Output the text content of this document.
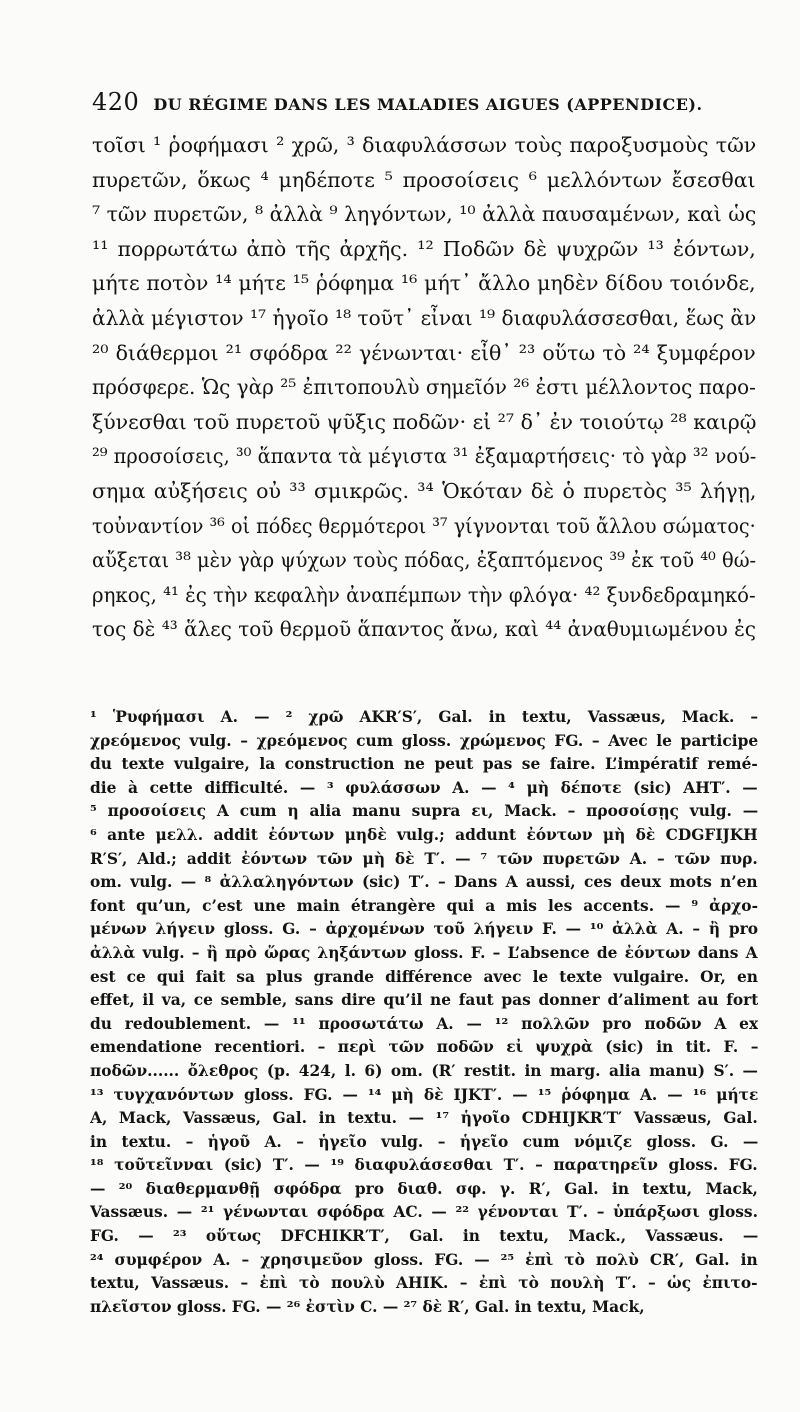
420 DU RÉGIME DANS LES MALADIES AIGUES (APPENDICE).
τοῖσι ¹ ῥοφήμασι ² χρῶ, ³ διαφυλάσσων τοὺς παροξυσμοὺς τῶν
πυρετῶν, ὅκως ⁴ μηδέποτε ⁵ προσοίσεις ⁶ μελλόντων ἔσεσθαι
⁷ τῶν πυρετῶν, ⁸ ἀλλὰ ⁹ ληγόντων, ¹⁰ ἀλλὰ παυσαμένων, καὶ ὡς
¹¹ πορρωτάτω ἀπὸ τῆς ἀρχῆς. ¹² Ποδῶν δὲ ψυχρῶν ¹³ ἐόντων,
μήτε ποτὸν ¹⁴ μήτε ¹⁵ ῥόφημα ¹⁶ μήτ᾽ ἄλλο μηδὲν δίδου τοιόνδε,
ἀλλὰ μέγιστον ¹⁷ ἡγοῖο ¹⁸ τοῦτ᾽ εἶναι ¹⁹ διαφυλάσσεσθαι, ἕως ἂν
²⁰ διάθερμοι ²¹ σφόδρα ²² γένωνται· εἶθ᾽ ²³ οὕτω τὸ ²⁴ ξυμφέρον
πρόσφερε. Ὡς γὰρ ²⁵ ἐπιτοπουλὺ σημεῖόν ²⁶ ἐστι μέλλοντος παρο-
ξύνεσθαι τοῦ πυρετοῦ ψῦξις ποδῶν· εἰ ²⁷ δ᾽ ἐν τοιούτῳ ²⁸ καιρῷ
²⁹ προσοίσεις, ³⁰ ἅπαντα τὰ μέγιστα ³¹ ἐξαμαρτήσεις· τὸ γὰρ ³² νού-
σημα αὐξήσεις οὐ ³³ σμικρῶς. ³⁴ Ὁκόταν δὲ ὁ πυρετὸς ³⁵ λήγῃ,
τοὐναντίον ³⁶ οἱ πόδες θερμότεροι ³⁷ γίγνονται τοῦ ἄλλου σώματος·
αὔξεται ³⁸ μὲν γὰρ ψύχων τοὺς πόδας, ἐξαπτόμενος ³⁹ ἐκ τοῦ ⁴⁰ θώ-
ρηκος, ⁴¹ ἐς τὴν κεφαλὴν ἀναπέμπων τὴν φλόγα· ⁴² ξυνδεδραμηκό-
τος δὲ ⁴³ ἅλες τοῦ θερμοῦ ἅπαντος ἄνω, καὶ ⁴⁴ ἀναθυμιωμένου ἐς
¹ Ῥυφήμασι A. — ² χρῶ AKR′S′, Gal. in textu, Vassæus, Mack. –
χρεόμενος vulg. – χρεόμενος cum gloss. χρώμενος FG. – Avec le participe
du texte vulgaire, la construction ne peut pas se faire. L’impératif remé-
die à cette difficulté. — ³ φυλάσσων A. — ⁴ μὴ δέποτε (sic) AHT′. —
⁵ προσοίσεις A cum η alia manu supra ει, Mack. – προσοίσῃς vulg. —
⁶ ante μελλ. addit ἐόντων μηδὲ vulg.; addunt ἐόντων μὴ δὲ CDGFIJKH
R′S′, Ald.; addit ἐόντων τῶν μὴ δὲ T′. — ⁷ τῶν πυρετῶν A. – τῶν πυρ.
om. vulg. — ⁸ ἀλλαληγόντων (sic) T′. – Dans A aussi, ces deux mots n’en
font qu’un, c’est une main étrangère qui a mis les accents. — ⁹ ἀρχο-
μένων λήγειν gloss. G. – ἀρχομένων τοῦ λήγειν F. — ¹⁰ ἀλλὰ A. – ἢ pro
ἀλλὰ vulg. – ἢ πρὸ ὥρας ληξάντων gloss. F. – L’absence de ἐόντων dans A
est ce qui fait sa plus grande différence avec le texte vulgaire. Or, en
effet, il va, ce semble, sans dire qu’il ne faut pas donner d’aliment au fort
du redoublement. — ¹¹ προσωτάτω A. — ¹² πολλῶν pro ποδῶν A ex
emendatione recentiori. – περὶ τῶν ποδῶν εἰ ψυχρὰ (sic) in tit. F. –
ποδῶν...... ὄλεθρος (p. 424, l. 6) om. (R′ restit. in marg. alia manu) S′. —
¹³ τυγχανόντων gloss. FG. — ¹⁴ μὴ δὲ IJKT′. — ¹⁵ ῥόφημα A. — ¹⁶ μήτε
A, Mack, Vassæus, Gal. in textu. — ¹⁷ ἡγοῖο CDHIJKR′T′ Vassæus, Gal.
in textu. – ἡγοῦ A. – ἡγεῖο vulg. – ἡγεῖο cum νόμιζε gloss. G. —
¹⁸ τοῦτεῖνναι (sic) T′. — ¹⁹ διαφυλάσεσθαι T′. – παρατηρεῖν gloss. FG.
— ²⁰ διαθερμανθῇ σφόδρα pro διαθ. σφ. γ. R′, Gal. in textu, Mack,
Vassæus. — ²¹ γένωνται σφόδρα AC. — ²² γένονται T′. – ὑπάρξωσι gloss.
FG. — ²³ οὕτως DFCHIKR′T′, Gal. in textu, Mack., Vassæus. —
²⁴ συμφέρον A. – χρησιμεῦον gloss. FG. — ²⁵ ἐπὶ τὸ πολὺ CR′, Gal. in
textu, Vassæus. – ἐπὶ τὸ πουλὺ AHIK. – ἐπὶ τὸ πουλὴ T′. – ὡς ἐπιτο-
πλεῖστον gloss. FG. — ²⁶ ἐστὶν C. — ²⁷ δὲ R′, Gal. in textu, Mack,
